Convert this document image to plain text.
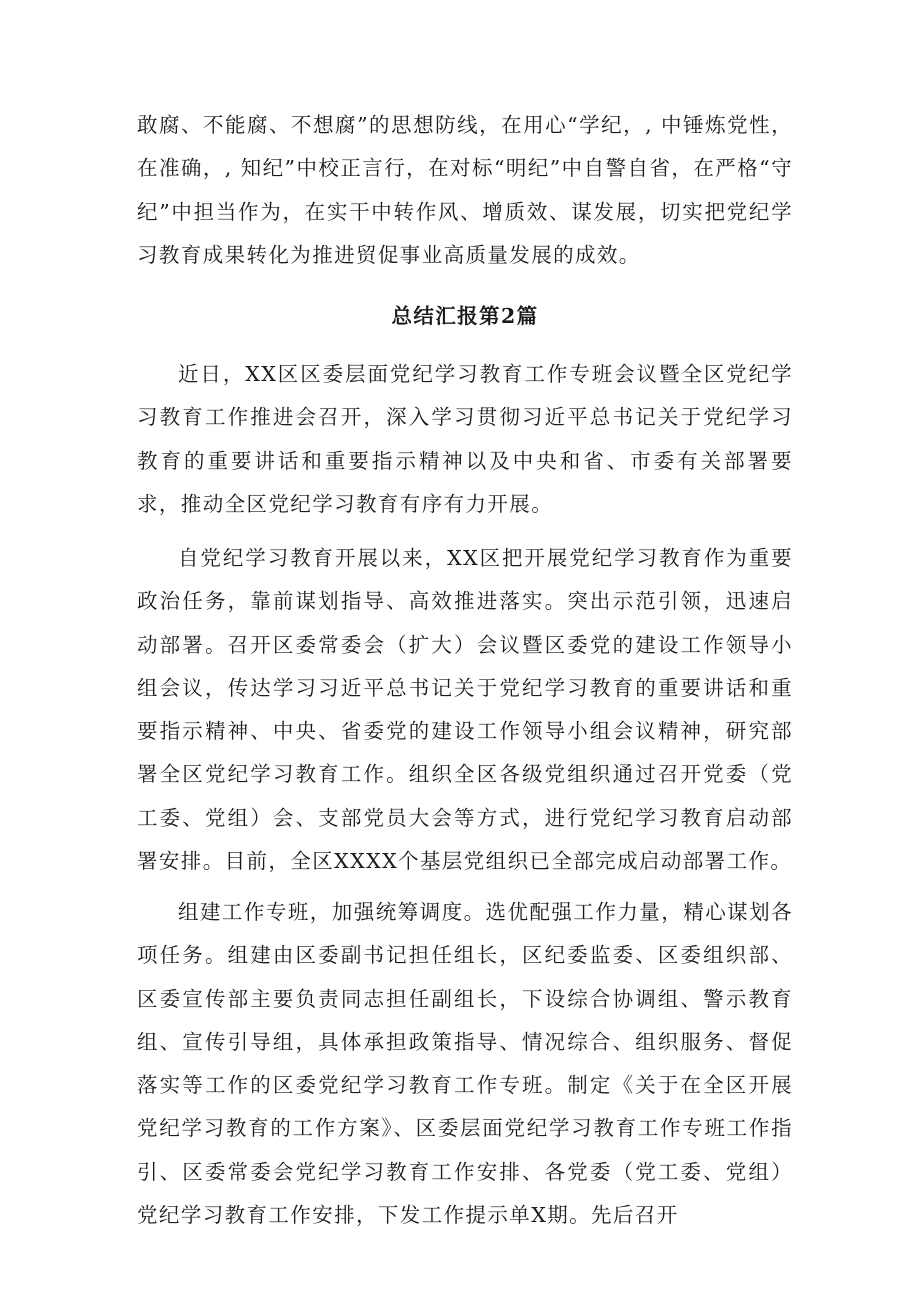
敢腐、不能腐、不想腐”的思想防线，在用心“学纪，, 中锤炼党性，在准确，, 知纪”中校正言行，在对标“明纪”中自警自省，在严格“守纪”中担当作为，在实干中转作风、增质效、谋发展，切实把党纪学习教育成果转化为推进贸促事业高质量发展的成效。

总结汇报第2篇

近日，XX区区委层面党纪学习教育工作专班会议暨全区党纪学习教育工作推进会召开，深入学习贯彻习近平总书记关于党纪学习教育的重要讲话和重要指示精神以及中央和省、市委有关部署要求，推动全区党纪学习教育有序有力开展。

自党纪学习教育开展以来，XX区把开展党纪学习教育作为重要政治任务，靠前谋划指导、高效推进落实。突出示范引领，迅速启动部署。召开区委常委会（扩大）会议暨区委党的建设工作领导小组会议，传达学习习近平总书记关于党纪学习教育的重要讲话和重要指示精神、中央、省委党的建设工作领导小组会议精神，研究部署全区党纪学习教育工作。组织全区各级党组织通过召开党委（党工委、党组）会、支部党员大会等方式，进行党纪学习教育启动部署安排。目前，全区XXXX个基层党组织已全部完成启动部署工作。

组建工作专班，加强统筹调度。选优配强工作力量，精心谋划各项任务。组建由区委副书记担任组长，区纪委监委、区委组织部、区委宣传部主要负责同志担任副组长，下设综合协调组、警示教育组、宣传引导组，具体承担政策指导、情况综合、组织服务、督促落实等工作的区委党纪学习教育工作专班。制定《关于在全区开展党纪学习教育的工作方案》、区委层面党纪学习教育工作专班工作指引、区委常委会党纪学习教育工作安排、各党委（党工委、党组）党纪学习教育工作安排，下发工作提示单X期。先后召开
